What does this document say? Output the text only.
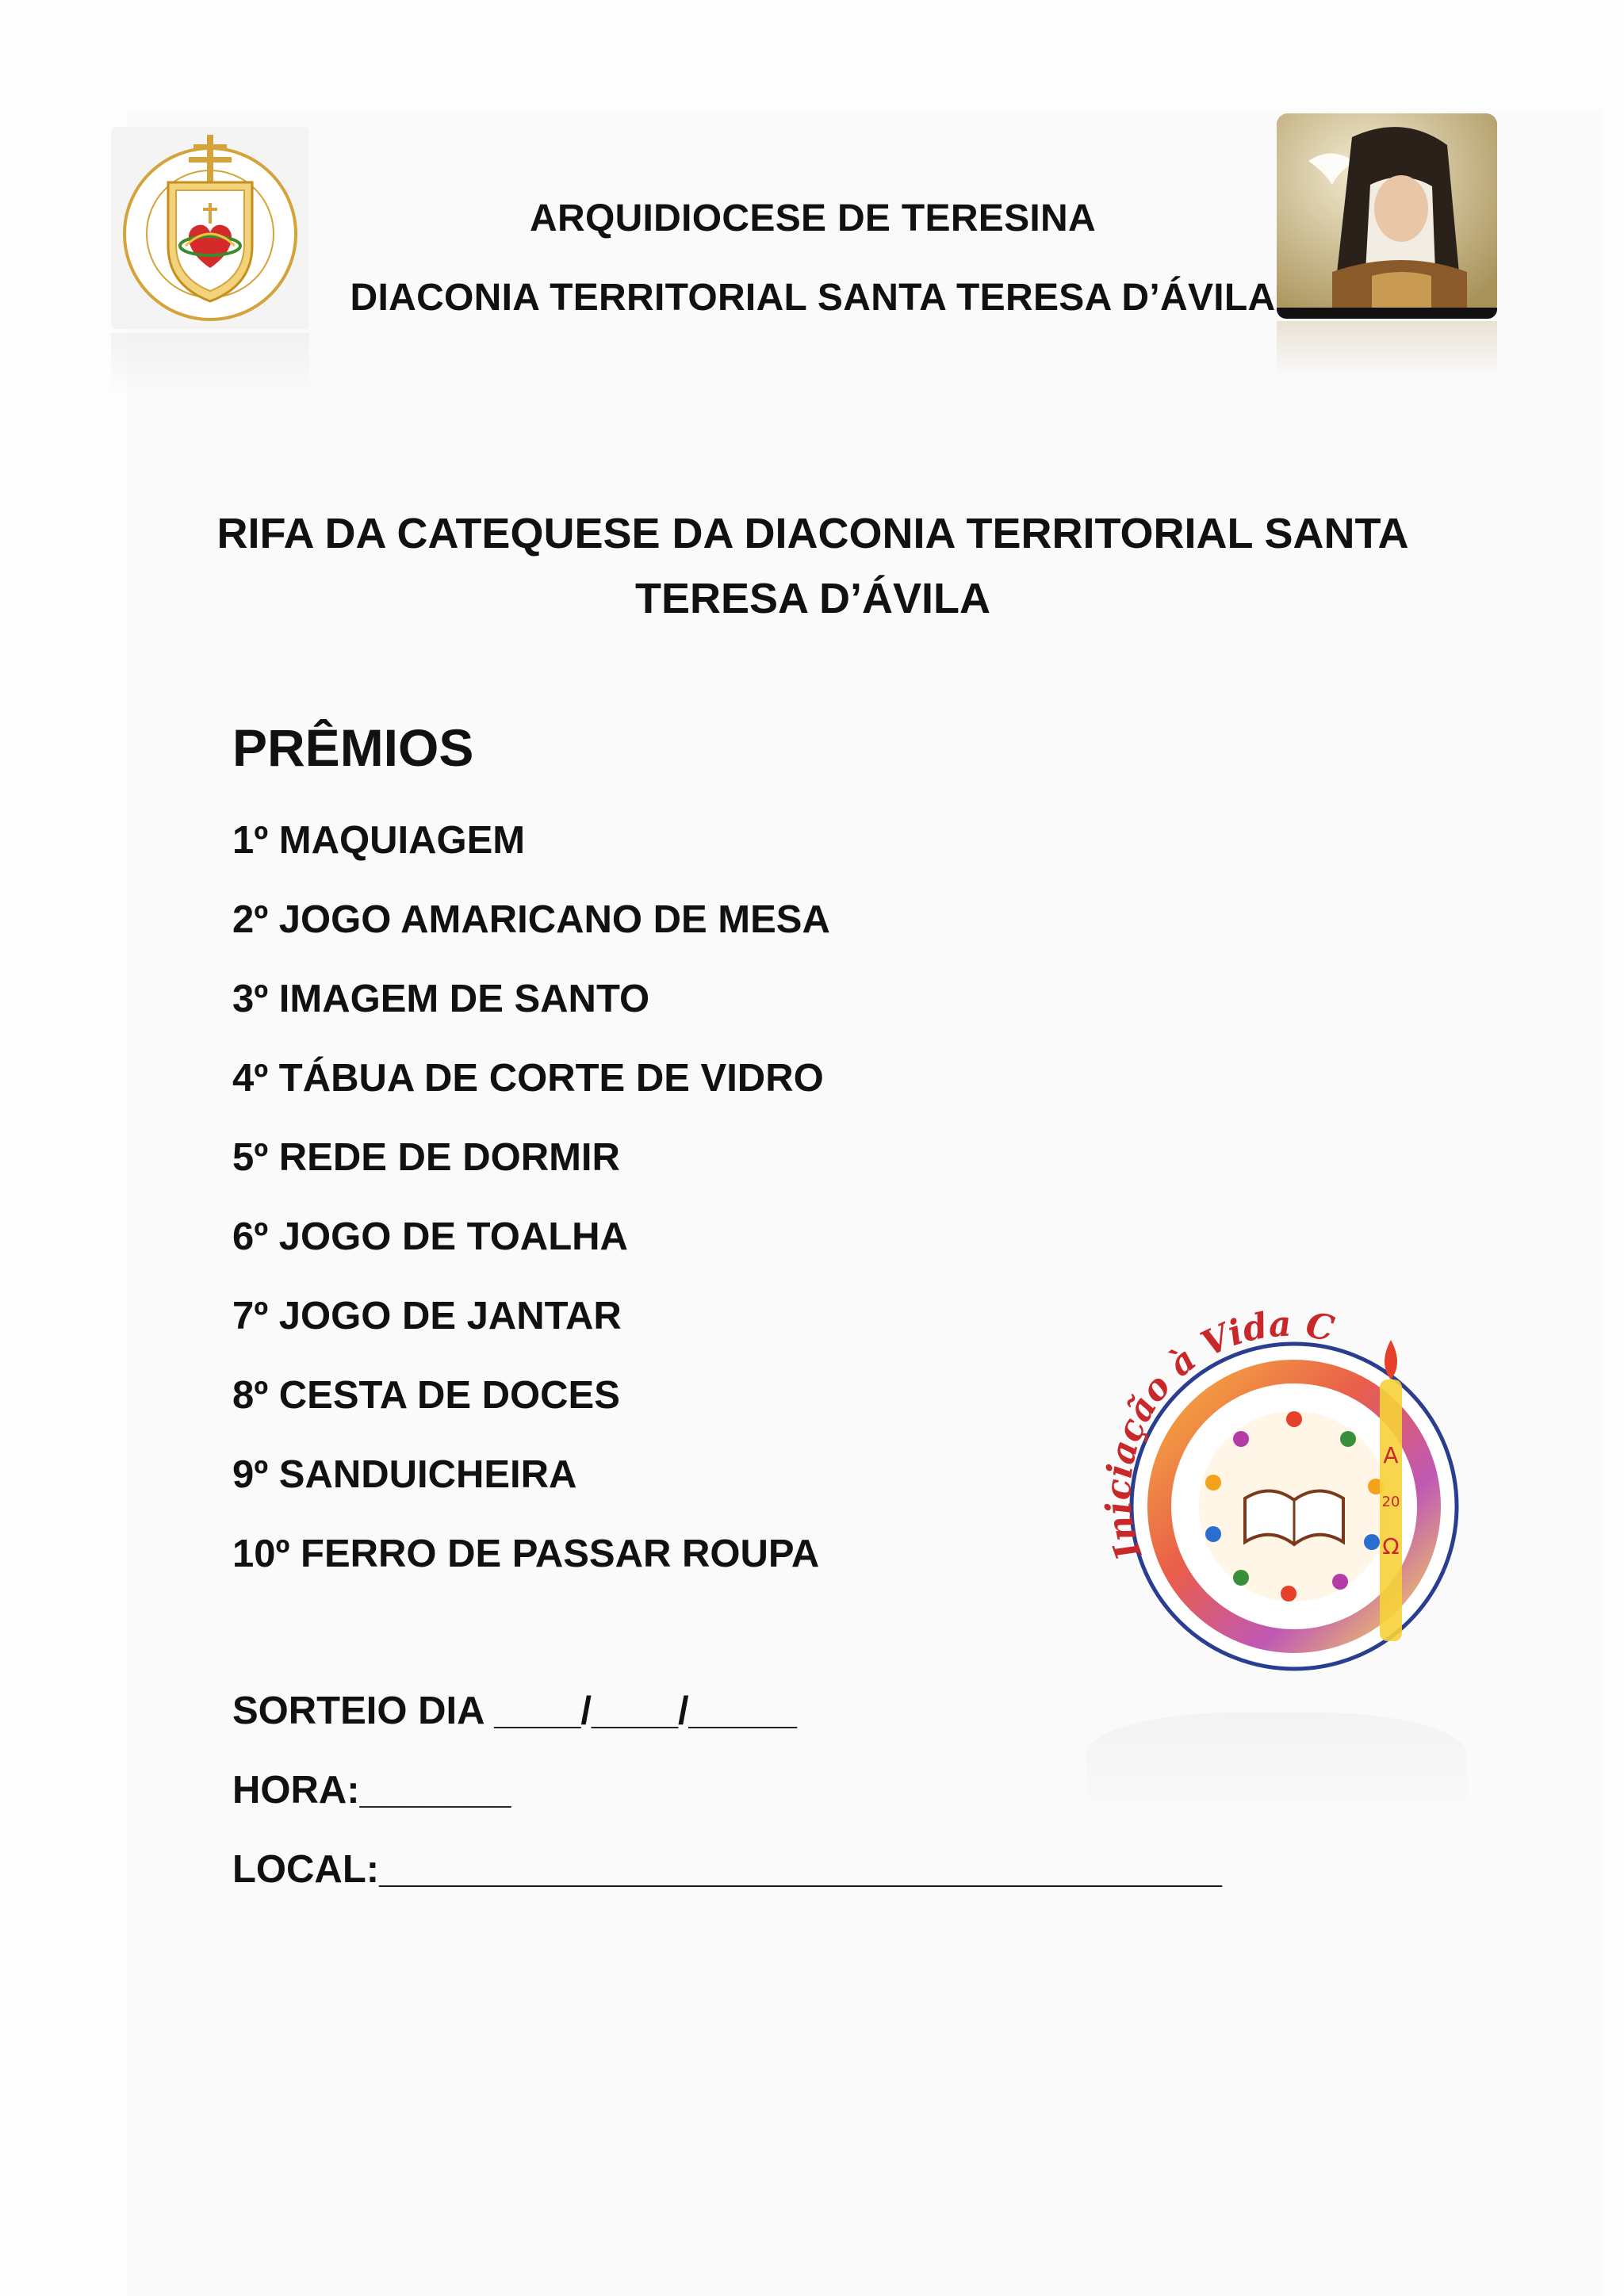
ARQUIDIOCESE DE TERESINA
DIACONIA TERRITORIAL SANTA TERESA D’ÁVILA
RIFA DA CATEQUESE DA DIACONIA TERRITORIAL SANTA
TERESA D’ÁVILA
PRÊMIOS
1º MAQUIAGEM
2º JOGO AMARICANO DE MESA
3º IMAGEM DE SANTO
4º TÁBUA DE CORTE DE VIDRO
5º REDE DE DORMIR
6º JOGO DE TOALHA
7º JOGO DE JANTAR
8º CESTA DE DOCES
9º SANDUICHEIRA
10º FERRO DE PASSAR ROUPA
SORTEIO DIA ____/____/_____
HORA:_______
LOCAL:_______________________________________
Α
20
Ω
Iniciação à Vida C
